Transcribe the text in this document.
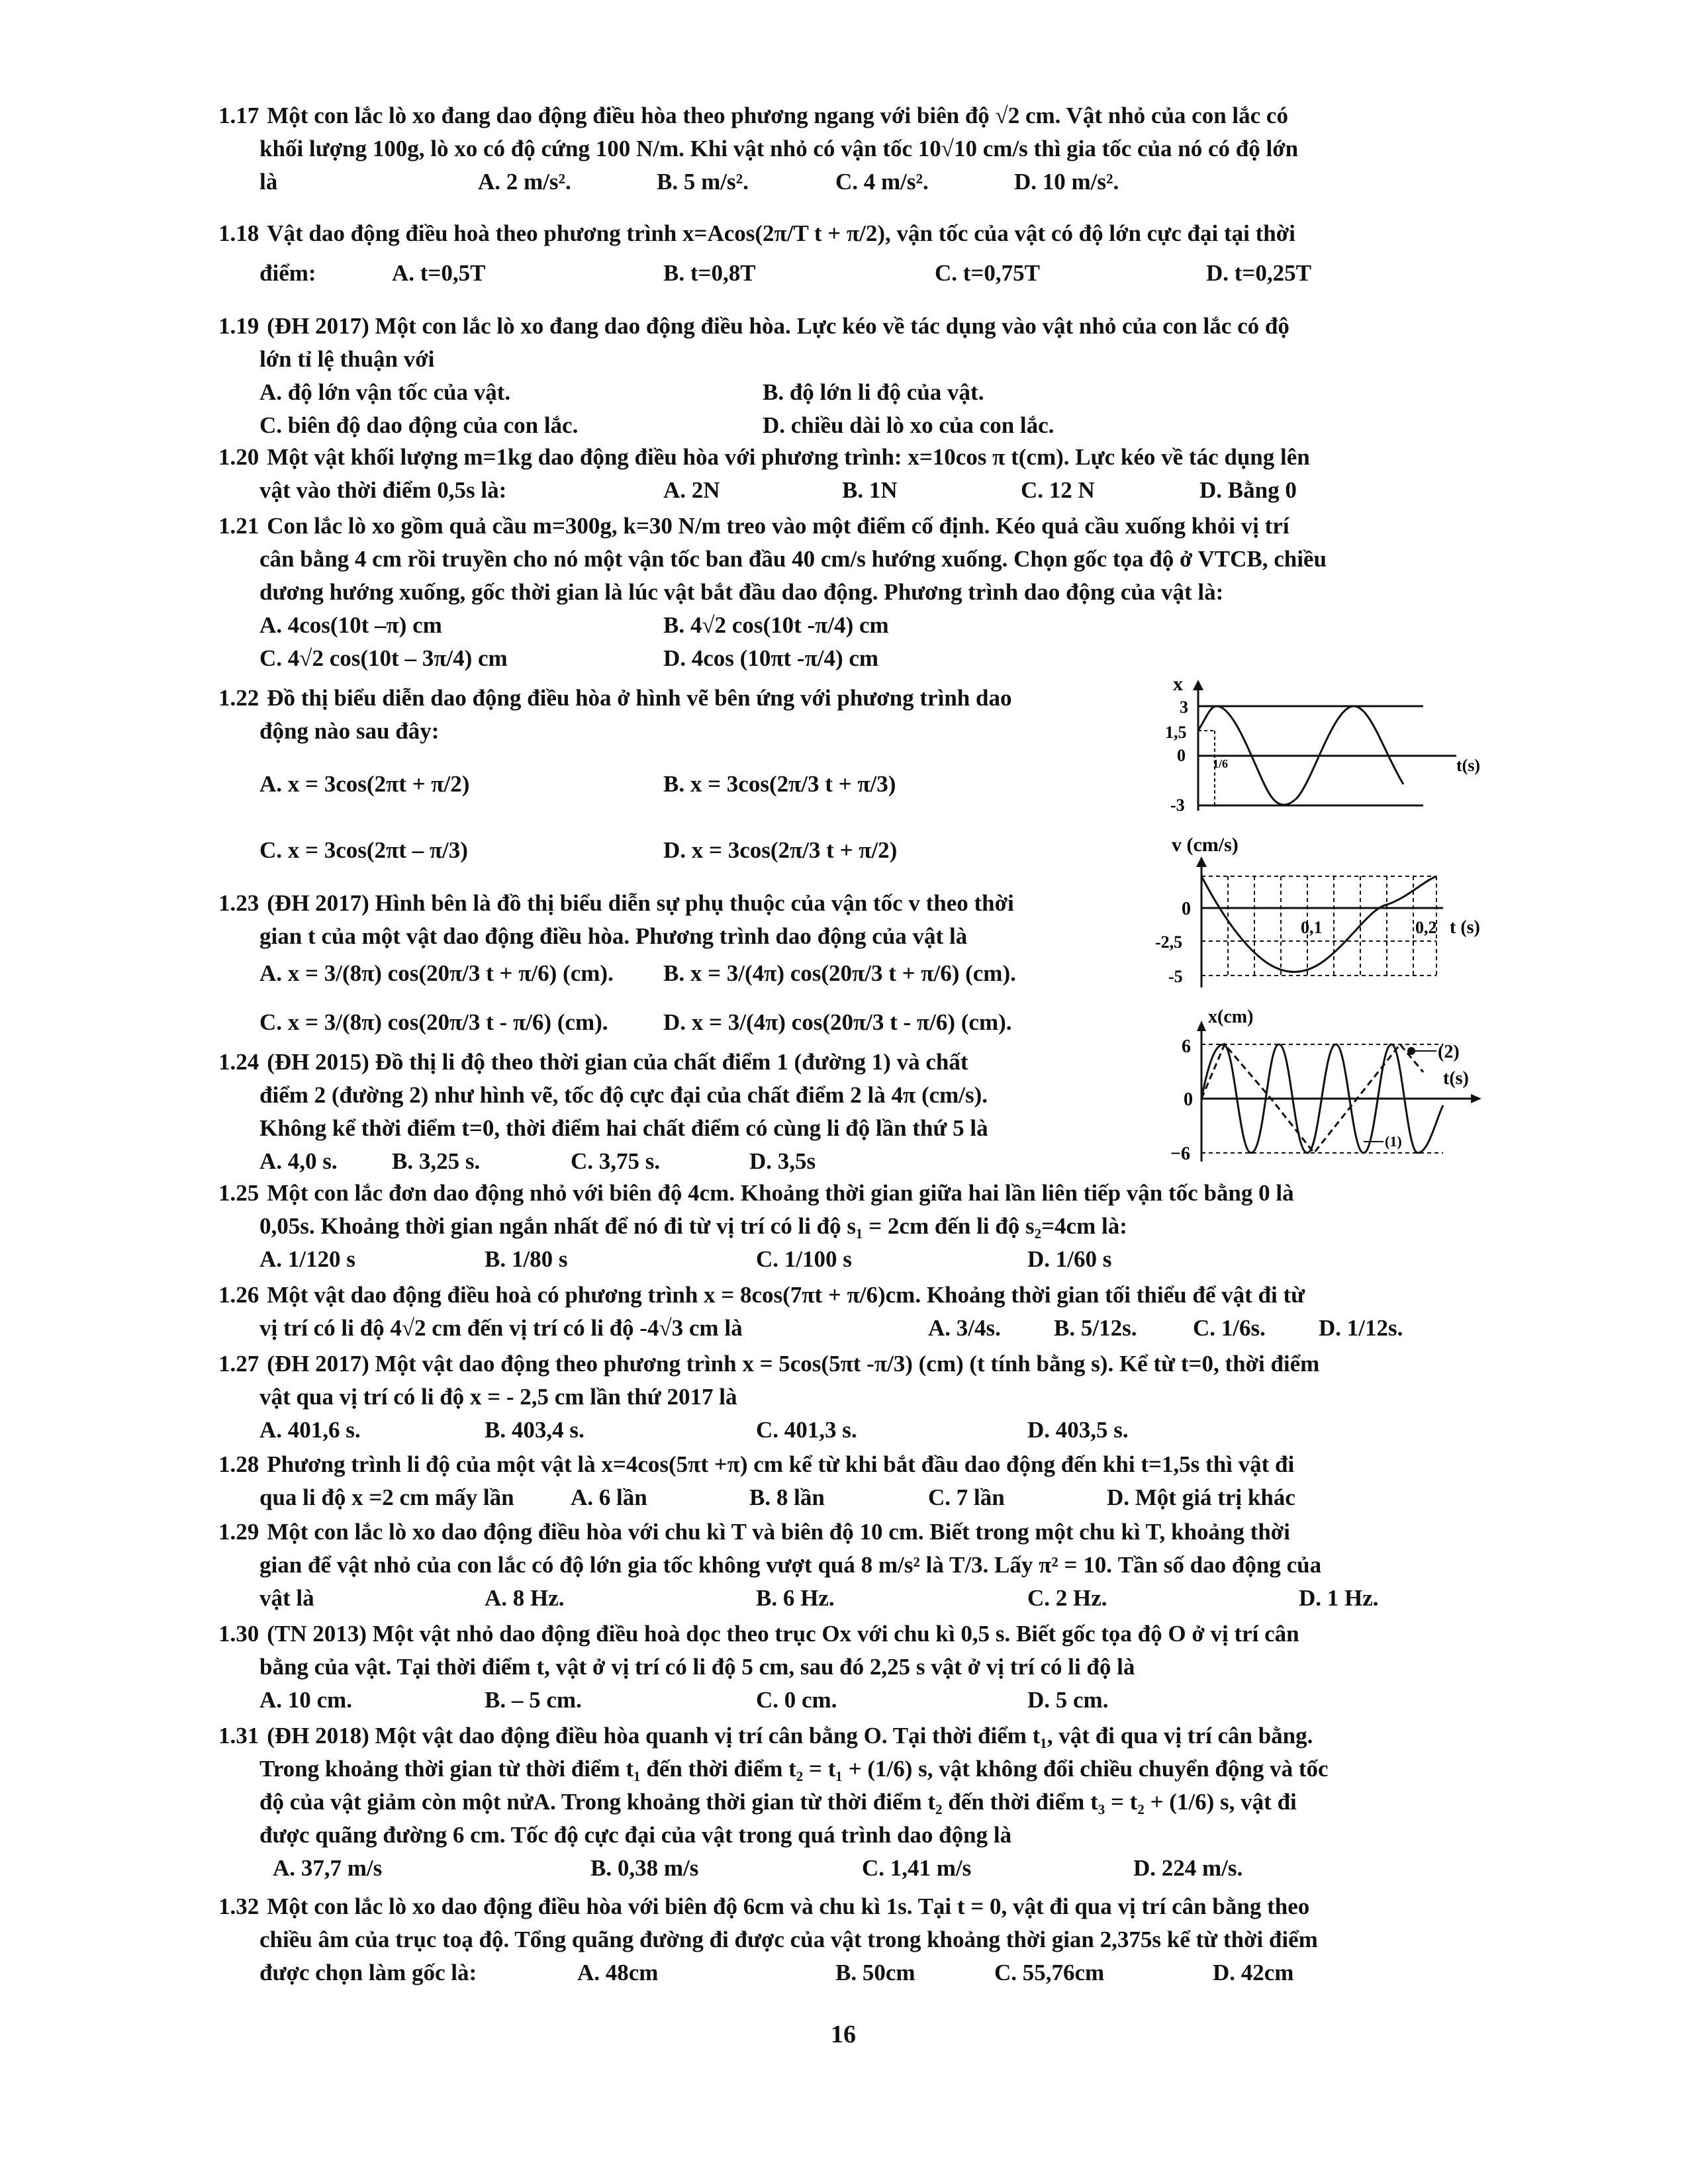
1.17 Một con lắc lò xo đang dao động điều hòa theo phương ngang với biên độ √2 cm. Vật nhỏ của con lắc có
khối lượng 100g, lò xo có độ cứng 100 N/m. Khi vật nhỏ có vận tốc 10√10 cm/s thì gia tốc của nó có độ lớn
là	A. 2 m/s².	B. 5 m/s².	C. 4 m/s².	D. 10 m/s².
1.18 Vật dao động điều hoà theo phương trình x=Acos(2π/T t + π/2), vận tốc của vật có độ lớn cực đại tại thời
điểm:	A. t=0,5T	B. t=0,8T	C. t=0,75T	D. t=0,25T
1.19 (ĐH 2017) Một con lắc lò xo đang dao động điều hòa. Lực kéo về tác dụng vào vật nhỏ của con lắc có độ
lớn tỉ lệ thuận với
A. độ lớn vận tốc của vật.	B. độ lớn li độ của vật.
C. biên độ dao động của con lắc.	D. chiều dài lò xo của con lắc.
1.20 Một vật khối lượng m=1kg dao động điều hòa với phương trình: x=10cos π t(cm). Lực kéo về tác dụng lên
vật vào thời điểm 0,5s là:	A. 2N	B. 1N	C. 12 N	D. Bằng 0
1.21 Con lắc lò xo gồm quả cầu m=300g, k=30 N/m treo vào một điểm cố định. Kéo quả cầu xuống khỏi vị trí
cân bằng 4 cm rồi truyền cho nó một vận tốc ban đầu 40 cm/s hướng xuống. Chọn gốc tọa độ ở VTCB, chiều
dương hướng xuống, gốc thời gian là lúc vật bắt đầu dao động. Phương trình dao động của vật là:
A. 4cos(10t –π) cm	B. 4√2 cos(10t -π/4) cm
C. 4√2 cos(10t – 3π/4) cm	D. 4cos (10πt -π/4) cm
1.22 Đồ thị biểu diễn dao động điều hòa ở hình vẽ bên ứng với phương trình dao
động nào sau đây:
A. x = 3cos(2πt + π/2)	B. x = 3cos(2π/3 t + π/3)
C. x = 3cos(2πt – π/3)	D. x = 3cos(2π/3 t + π/2)
1.23 (ĐH 2017) Hình bên là đồ thị biểu diễn sự phụ thuộc của vận tốc v theo thời
gian t của một vật dao động điều hòa. Phương trình dao động của vật là
A. x = 3/(8π) cos(20π/3 t + π/6) (cm).	B. x = 3/(4π) cos(20π/3 t + π/6) (cm).
C. x = 3/(8π) cos(20π/3 t - π/6) (cm).	D. x = 3/(4π) cos(20π/3 t - π/6) (cm).
1.24 (ĐH 2015) Đồ thị li độ theo thời gian của chất điểm 1 (đường 1) và chất
điểm 2 (đường 2) như hình vẽ, tốc độ cực đại của chất điểm 2 là 4π (cm/s).
Không kể thời điểm t=0, thời điểm hai chất điểm có cùng li độ lần thứ 5 là
A. 4,0 s.	B. 3,25 s.	C. 3,75 s.	D. 3,5s
1.25 Một con lắc đơn dao động nhỏ với biên độ 4cm. Khoảng thời gian giữa hai lần liên tiếp vận tốc bằng 0 là
0,05s. Khoảng thời gian ngắn nhất để nó đi từ vị trí có li độ s₁ = 2cm đến li độ s₂=4cm là:
A. 1/120 s	B. 1/80 s	C. 1/100 s	D. 1/60 s
1.26 Một vật dao động điều hoà có phương trình x = 8cos(7πt + π/6)cm. Khoảng thời gian tối thiểu để vật đi từ
vị trí có li độ 4√2 cm đến vị trí có li độ -4√3 cm là	A. 3/4s.	B. 5/12s.	C. 1/6s.	D. 1/12s.
1.27 (ĐH 2017) Một vật dao động theo phương trình x = 5cos(5πt -π/3) (cm) (t tính bằng s). Kể từ t=0, thời điểm
vật qua vị trí có li độ x = - 2,5 cm lần thứ 2017 là
A. 401,6 s.	B. 403,4 s.	C. 401,3 s.	D. 403,5 s.
1.28 Phương trình li độ của một vật là x=4cos(5πt +π) cm kể từ khi bắt đầu dao động đến khi t=1,5s thì vật đi
qua li độ x =2 cm mấy lần	A. 6 lần	B. 8 lần	C. 7 lần	D. Một giá trị khác
1.29 Một con lắc lò xo dao động điều hòa với chu kì T và biên độ 10 cm. Biết trong một chu kì T, khoảng thời
gian để vật nhỏ của con lắc có độ lớn gia tốc không vượt quá 8 m/s² là T/3. Lấy π² = 10. Tần số dao động của
vật là	A. 8 Hz.	B. 6 Hz.	C. 2 Hz.	D. 1 Hz.
1.30 (TN 2013) Một vật nhỏ dao động điều hoà dọc theo trục Ox với chu kì 0,5 s. Biết gốc tọa độ O ở vị trí cân
bằng của vật. Tại thời điểm t, vật ở vị trí có li độ 5 cm, sau đó 2,25 s vật ở vị trí có li độ là
A. 10 cm.	B. – 5 cm.	C. 0 cm.	D. 5 cm.
1.31 (ĐH 2018) Một vật dao động điều hòa quanh vị trí cân bằng O. Tại thời điểm t₁, vật đi qua vị trí cân bằng.
Trong khoảng thời gian từ thời điểm t₁ đến thời điểm t₂ = t₁ + (1/6) s, vật không đổi chiều chuyển động và tốc
độ của vật giảm còn một nửA. Trong khoảng thời gian từ thời điểm t₂ đến thời điểm t₃ = t₂ + (1/6) s, vật đi
được quãng đường 6 cm. Tốc độ cực đại của vật trong quá trình dao động là
A. 37,7 m/s	B. 0,38 m/s	C. 1,41 m/s	D. 224 m/s.
1.32 Một con lắc lò xo dao động điều hòa với biên độ 6cm và chu kì 1s. Tại t = 0, vật đi qua vị trí cân bằng theo
chiều âm của trục toạ độ. Tổng quãng đường đi được của vật trong khoảng thời gian 2,375s kể từ thời điểm
được chọn làm gốc là:	A. 48cm	B. 50cm	C. 55,76cm	D. 42cm
x
3
1,5
0
-3
t(s)
1/6
v (cm/s)
0
-2,5
-5
0,1	0,2 t (s)
x(cm)
6
0
−6
t(s)
(2)
(1)
16
